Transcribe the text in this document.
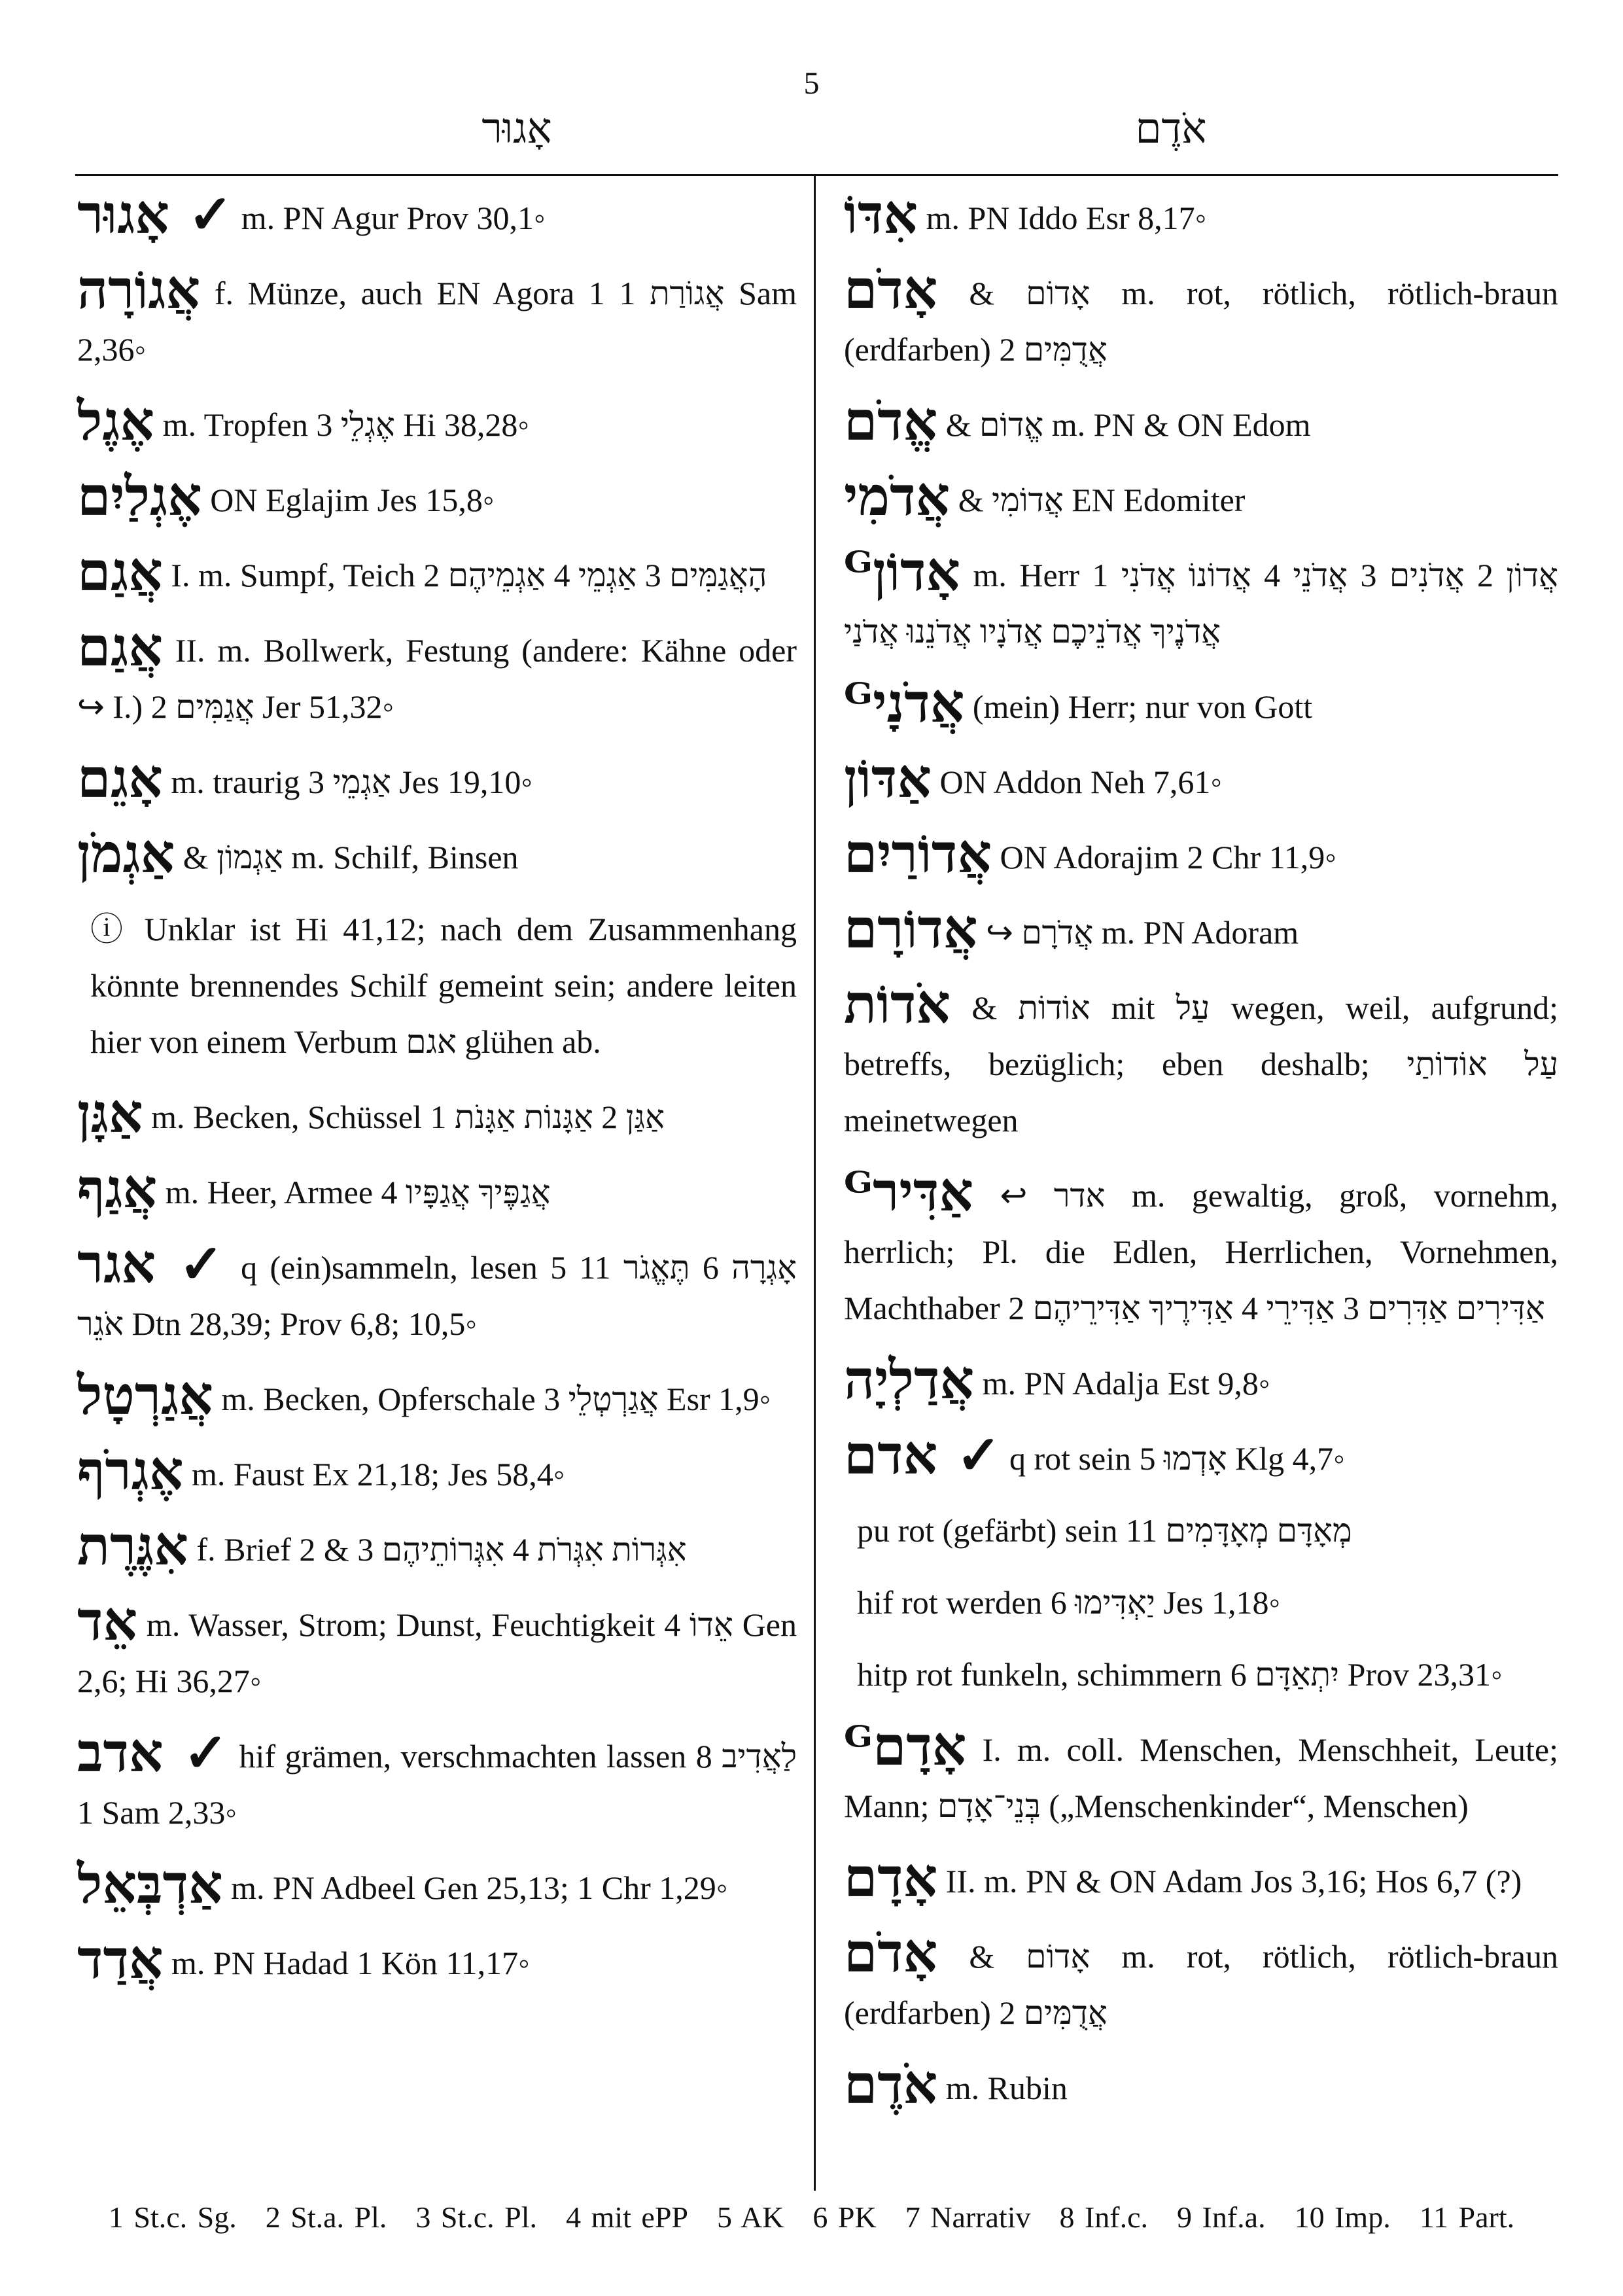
5
אָגוּר	אֹדֶם
✓ אָגוּר m. PN Agur Prov 30,1◦
אֲגוֹרָה f. Münze, auch EN Agora 1 אֲגוֹרַת 1 Sam 2,36◦
אֶגֶל m. Tropfen 3 אֶגְלֵי Hi 38,28◦
אֶגְלַיִם ON Eglajim Jes 15,8◦
אֲגַם I. m. Sumpf, Teich 2 הָאֲגַמִּים 3 אַגְמֵי 4 אַגְמֵיהֶם
אֲגַם II. m. Bollwerk, Festung (andere: Kähne oder ↪ I.) 2 אֲגַמִּים Jer 51,32◦
אָגֵם m. traurig 3 אַגְמֵי Jes 19,10◦
אַגְמֹן & אַגְמוֹן m. Schilf, Binsen
ⓘ Unklar ist Hi 41,12; nach dem Zusammenhang könnte brennendes Schilf gemeint sein; andere leiten hier von einem Verbum אגם glühen ab.
אַגָּן m. Becken, Schüssel 1 אַגַּן 2 אַגָּנוֹת אַגָּנֹת
אֲגַף m. Heer, Armee 4 אֲגַפֶּיךָ אֲגַפָּיו
✓ אגר q (ein)sammeln, lesen 5 אָגְרָה 6 תֶּאֱגֹר 11 אֹגֵר Dtn 28,39; Prov 6,8; 10,5◦
אֲגַרְטָל m. Becken, Opferschale 3 אֲגַרְטְלֵי Esr 1,9◦
אֶגְרֹף m. Faust Ex 21,18; Jes 58,4◦
אִגֶּרֶת f. Brief 2 & 3 אִגְּרוֹת אִגְּרֹת 4 אִגְּרוֹתֵיהֶם
אֵד m. Wasser, Strom; Dunst, Feuchtigkeit 4 אֵדוֹ Gen 2,6; Hi 36,27◦
✓ אדב hif grämen, verschmachten lassen 8 לַאֲדִיב 1 Sam 2,33◦
אַדְבְּאֵל m. PN Adbeel Gen 25,13; 1 Chr 1,29◦
אֲדַד m. PN Hadad 1 Kön 11,17◦
אִדּוֹ m. PN Iddo Esr 8,17◦
אָדֹם & אָדוֹם m. rot, rötlich, rötlich-braun (erdfarben) 2 אֲדֻמִּים
אֱדֹם & אֱדוֹם m. PN & ON Edom
אֲדֹמִי & אֲדוֹמִי EN Edomiter
אָדוֹןᴳ m. Herr 1 אֲדוֹן 2 אֲדֹנִים 3 אֲדֹנֵי 4 אֲדוֹנוֹ אֲדֹנִי אֲדֹנֶיךָ אֲדֹנֵיכֶם אֲדֹנָיו אֲדֹנֵנוּ אֲדֹנַי
אֲדֹנָיᴳ (mein) Herr; nur von Gott
אַדּוֹן ON Addon Neh 7,61◦
אֲדוֹרַיִם ON Adorajim 2 Chr 11,9◦
אֲדוֹרָם ↪ אֲדֹרָם m. PN Adoram
אֹדוֹת & אוֹדוֹת mit עַל wegen, weil, aufgrund; betreffs, bezüglich; eben deshalb; עַל אוֹדוֹתַי meinetwegen
אַדִּירᴳ ↩ אדר m. gewaltig, groß, vornehm, herrlich; Pl. die Edlen, Herrlichen, Vornehmen, Machthaber 2 אַדִּירִים אַדִּרִים 3 אַדִּירֵי 4 אַדִּירֶיךָ אַדִּירֵיהֶם
אֲדַלְיָה m. PN Adalja Est 9,8◦
✓ אדם q rot sein 5 אָדְמוּ Klg 4,7◦
pu rot (gefärbt) sein 11 מְאָדָּם מְאָדָּמִים
hif rot werden 6 יַאְדִּימוּ Jes 1,18◦
hitp rot funkeln, schimmern 6 יִתְאַדָּם Prov 23,31◦
אָדָםᴳ I. m. coll. Menschen, Menschheit, Leute; Mann; בְּנֵי־אָדָם („Menschenkinder“, Menschen)
אָדָם II. m. PN & ON Adam Jos 3,16; Hos 6,7 (?)
אָדֹם & אָדוֹם m. rot, rötlich, rötlich-braun (erdfarben) 2 אֲדֻמִּים
אֹדֶם m. Rubin
1 St.c. Sg. 2 St.a. Pl. 3 St.c. Pl. 4 mit ePP 5 AK 6 PK 7 Narrativ 8 Inf.c. 9 Inf.a. 10 Imp. 11 Part.
